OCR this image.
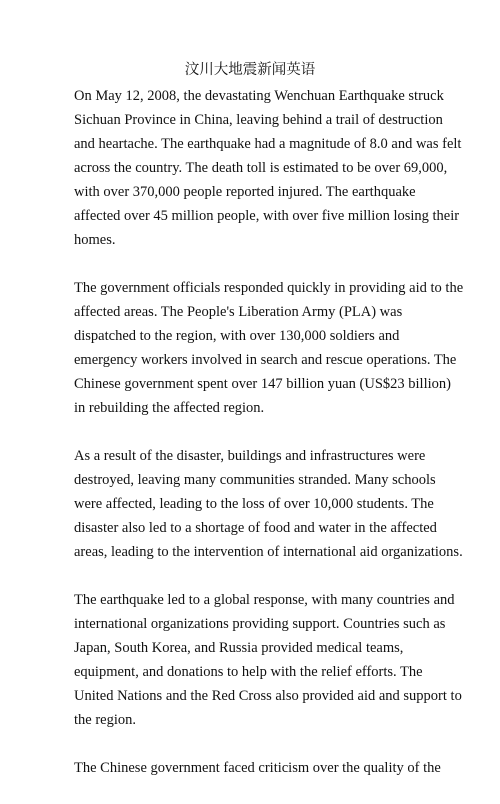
汶川大地震新闻英语

On May 12, 2008, the devastating Wenchuan Earthquake struck
Sichuan Province in China, leaving behind a trail of destruction
and heartache. The earthquake had a magnitude of 8.0 and was felt
across the country. The death toll is estimated to be over 69,000,
with over 370,000 people reported injured. The earthquake
affected over 45 million people, with over five million losing their
homes.

The government officials responded quickly in providing aid to the
affected areas. The People's Liberation Army (PLA) was
dispatched to the region, with over 130,000 soldiers and
emergency workers involved in search and rescue operations. The
Chinese government spent over 147 billion yuan (US$23 billion)
in rebuilding the affected region.

As a result of the disaster, buildings and infrastructures were
destroyed, leaving many communities stranded. Many schools
were affected, leading to the loss of over 10,000 students. The
disaster also led to a shortage of food and water in the affected
areas, leading to the intervention of international aid organizations.

The earthquake led to a global response, with many countries and
international organizations providing support. Countries such as
Japan, South Korea, and Russia provided medical teams,
equipment, and donations to help with the relief efforts. The
United Nations and the Red Cross also provided aid and support to
the region.

The Chinese government faced criticism over the quality of the
